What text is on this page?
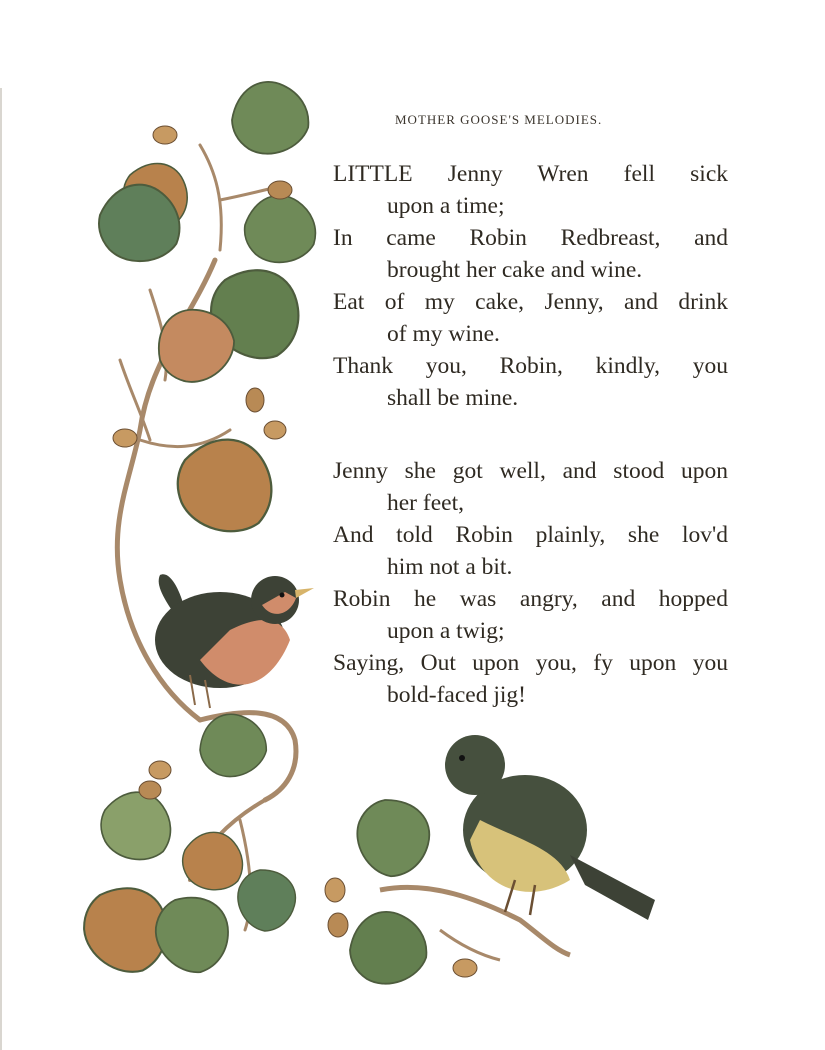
MOTHER GOOSE'S MELODIES.
LITTLE Jenny Wren fell sick
upon a time;
In came Robin Redbreast, and
brought her cake and wine.
Eat of my cake, Jenny, and drink
of my wine.
Thank you, Robin, kindly, you
shall be mine.
Jenny she got well, and stood upon
her feet,
And told Robin plainly, she lov'd
him not a bit.
Robin he was angry, and hopped
upon a twig;
Saying, Out upon you, fy upon you
bold-faced jig!
